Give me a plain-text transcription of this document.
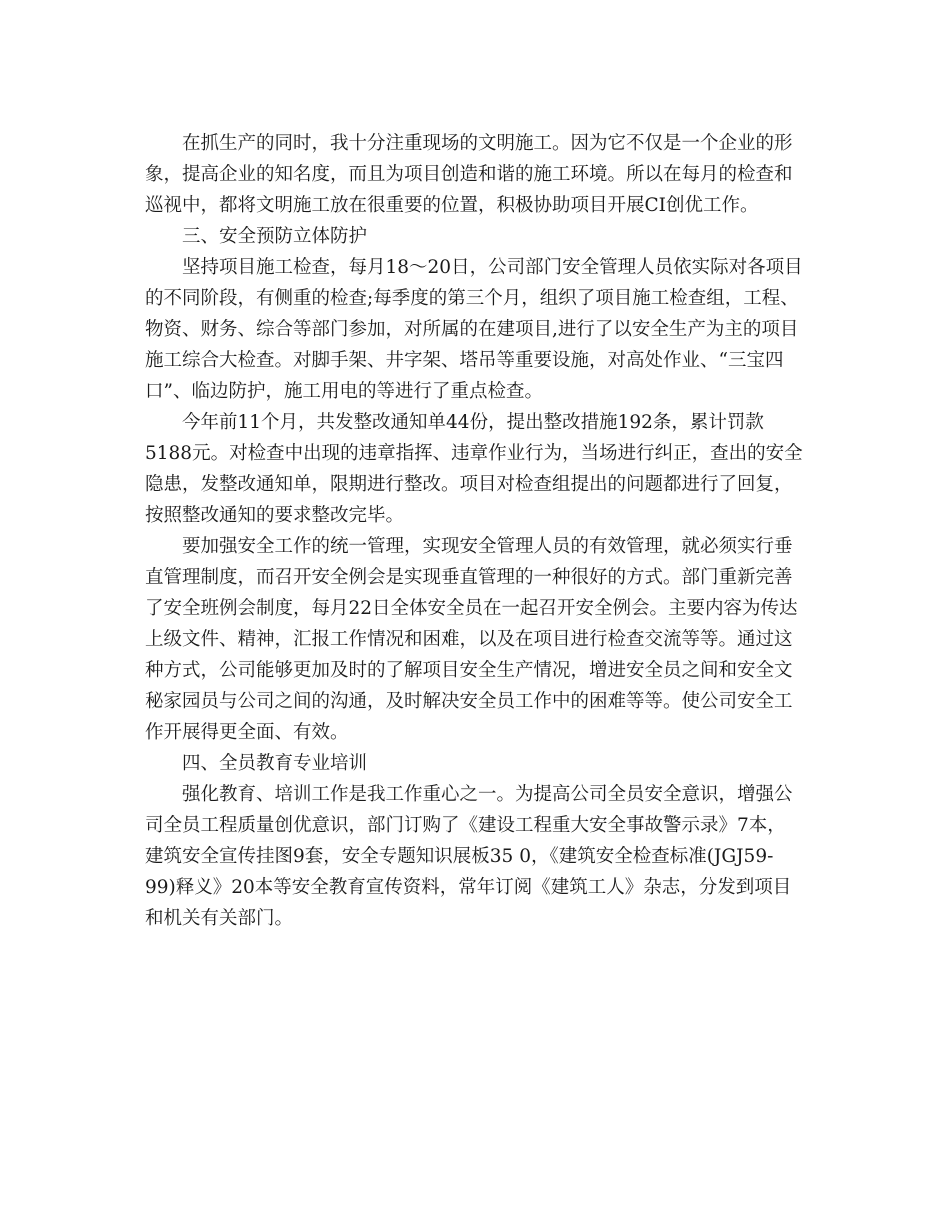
在抓生产的同时，我十分注重现场的文明施工。因为它不仅是一个企业的形
象，提高企业的知名度，而且为项目创造和谐的施工环境。所以在每月的检查和
巡视中，都将文明施工放在很重要的位置，积极协助项目开展CI创优工作。
三、安全预防立体防护
坚持项目施工检查，每月18～20日，公司部门安全管理人员依实际对各项目
的不同阶段，有侧重的检查;每季度的第三个月，组织了项目施工检查组，工程、
物资、财务、综合等部门参加，对所属的在建项目,进行了以安全生产为主的项目
施工综合大检查。对脚手架、井字架、塔吊等重要设施，对高处作业、“三宝四
口”、临边防护，施工用电的等进行了重点检查。
今年前11个月，共发整改通知单44份，提出整改措施192条，累计罚款
5188元。对检查中出现的违章指挥、违章作业行为，当场进行纠正，查出的安全
隐患，发整改通知单，限期进行整改。项目对检查组提出的问题都进行了回复，
按照整改通知的要求整改完毕。
要加强安全工作的统一管理，实现安全管理人员的有效管理，就必须实行垂
直管理制度，而召开安全例会是实现垂直管理的一种很好的方式。部门重新完善
了安全班例会制度，每月22日全体安全员在一起召开安全例会。主要内容为传达
上级文件、精神，汇报工作情况和困难，以及在项目进行检查交流等等。通过这
种方式，公司能够更加及时的了解项目安全生产情况，增进安全员之间和安全文
秘家园员与公司之间的沟通，及时解决安全员工作中的困难等等。使公司安全工
作开展得更全面、有效。
四、全员教育专业培训
强化教育、培训工作是我工作重心之一。为提高公司全员安全意识，增强公
司全员工程质量创优意识，部门订购了《建设工程重大安全事故警示录》7本，
建筑安全宣传挂图9套，安全专题知识展板35 0，《建筑安全检查标准(JGJ59-
99)释义》20本等安全教育宣传资料，常年订阅《建筑工人》杂志，分发到项目
和机关有关部门。
